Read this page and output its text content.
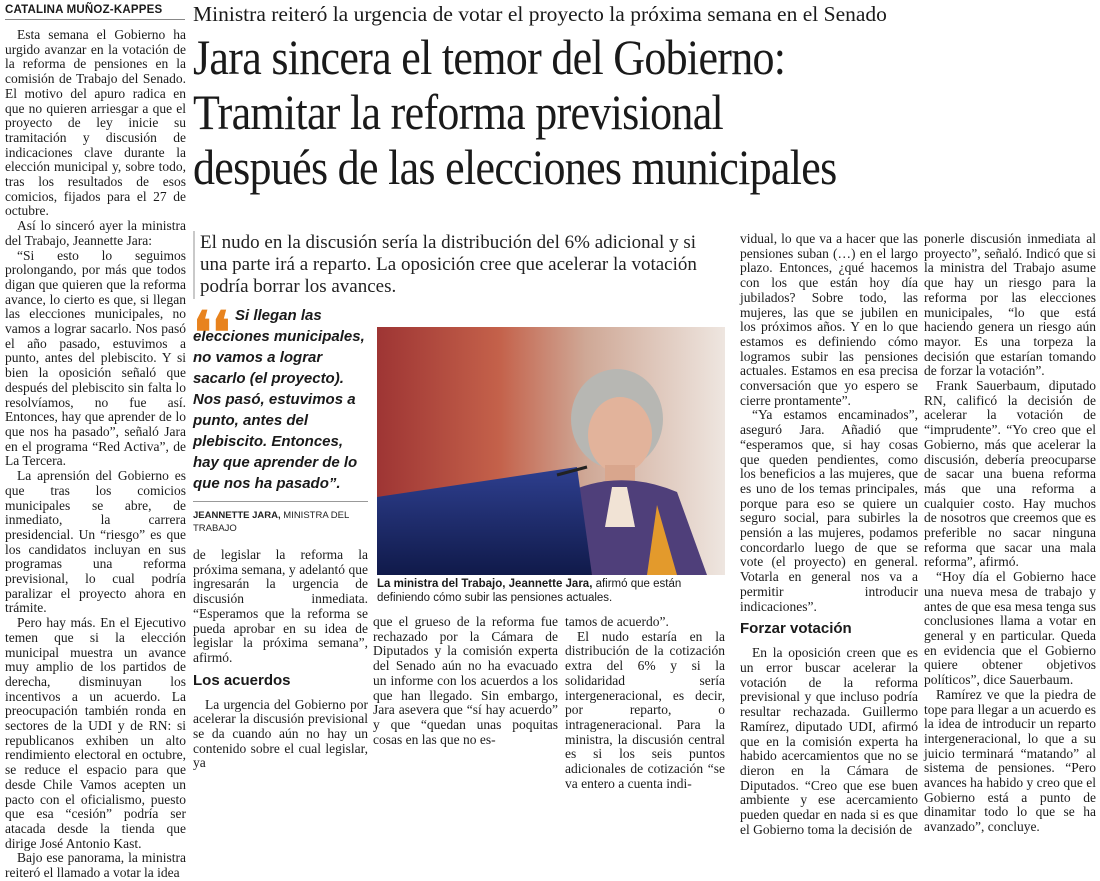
CATALINA MUÑOZ-KAPPES

Esta semana el Gobierno ha urgido avanzar en la votación de la reforma de pensiones en la comisión de Trabajo del Senado. El motivo del apuro radica en que no quieren arriesgar a que el proyecto de ley inicie su tramitación y discusión de indicaciones clave durante la elección municipal y, sobre todo, tras los resultados de esos comicios, fijados para el 27 de octubre.

Así lo sinceró ayer la ministra del Trabajo, Jeannette Jara:

“Si esto lo seguimos prolongando, por más que todos digan que quieren que la reforma avance, lo cierto es que, si llegan las elecciones municipales, no vamos a lograr sacarlo. Nos pasó el año pasado, estuvimos a punto, antes del plebiscito. Y si bien la oposición señaló que después del plebiscito sin falta lo resolvíamos, no fue así. Entonces, hay que aprender de lo que nos ha pasado”, señaló Jara en el programa “Red Activa”, de La Tercera.

La aprensión del Gobierno es que tras los comicios municipales se abre, de inmediato, la carrera presidencial. Un “riesgo” es que los candidatos incluyan en sus programas una reforma previsional, lo cual podría paralizar el proyecto ahora en trámite.

Pero hay más. En el Ejecutivo temen que si la elección municipal muestra un avance muy amplio de los partidos de derecha, disminuyan los incentivos a un acuerdo. La preocupación también ronda en sectores de la UDI y de RN: si republicanos exhiben un alto rendimiento electoral en octubre, se reduce el espacio para que desde Chile Vamos acepten un pacto con el oficialismo, puesto que esa “cesión” podría ser atacada desde la tienda que dirige José Antonio Kast.

Bajo ese panorama, la ministra reiteró el llamado a votar la idea

Ministra reiteró la urgencia de votar el proyecto la próxima semana en el Senado
Jara sincera el temor del Gobierno:
Tramitar la reforma previsional
después de las elecciones municipales
El nudo en la discusión sería la distribución del 6% adicional y si una parte irá a reparto. La oposición cree que acelerar la votación podría borrar los avances.
❛❛ Si llegan las elecciones municipales, no vamos a lograr sacarlo (el proyecto). Nos pasó, estuvimos a punto, antes del plebiscito. Entonces, hay que aprender de lo que nos ha pasado”.

JEANNETTE JARA, MINISTRA DEL TRABAJO

de legislar la reforma la próxima semana, y adelantó que ingresarán la urgencia de discusión inmediata. “Esperamos que la reforma se pueda aprobar en su idea de legislar la próxima semana”, afirmó.

Los acuerdos

La urgencia del Gobierno por acelerar la discusión previsional se da cuando aún no hay un contenido sobre el cual legislar, ya

La ministra del Trabajo, Jeannette Jara, afirmó que están definiendo cómo subir las pensiones actuales.

que el grueso de la reforma fue rechazado por la Cámara de Diputados y la comisión experta del Senado aún no ha evacuado un informe con los acuerdos a los que han llegado. Sin embargo, Jara asevera que “sí hay acuerdo” y que “quedan unas poquitas cosas en las que no es-

tamos de acuerdo”.

El nudo estaría en la distribución de la cotización extra del 6% y si la solidaridad sería intergeneracional, es decir, por reparto, o intrageneracional. Para la ministra, la discusión central es si los seis puntos adicionales de cotización “se va entero a cuenta indi-

vidual, lo que va a hacer que las pensiones suban (…) en el largo plazo. Entonces, ¿qué hacemos con los que están hoy día jubilados? Sobre todo, las mujeres, las que se jubilen en los próximos años. Y en lo que estamos es definiendo cómo logramos subir las pensiones actuales. Estamos en esa precisa conversación que yo espero se cierre prontamente”.

“Ya estamos encaminados”, aseguró Jara. Añadió que “esperamos que, si hay cosas que queden pendientes, como los beneficios a las mujeres, que es uno de los temas principales, porque para eso se quiere un seguro social, para subirles la pensión a las mujeres, podamos concordarlo luego de que se vote (el proyecto) en general. Votarla en general nos va a permitir introducir indicaciones”.

Forzar votación

En la oposición creen que es un error buscar acelerar la votación de la reforma previsional y que incluso podría resultar rechazada. Guillermo Ramírez, diputado UDI, afirmó que en la comisión experta ha habido acercamientos que no se dieron en la Cámara de Diputados. “Creo que ese buen ambiente y ese acercamiento pueden quedar en nada si es que el Gobierno toma la decisión de

ponerle discusión inmediata al proyecto”, señaló. Indicó que si la ministra del Trabajo asume que hay un riesgo para la reforma por las elecciones municipales, “lo que está haciendo genera un riesgo aún mayor. Es una torpeza la decisión que estarían tomando de forzar la votación”.

Frank Sauerbaum, diputado RN, calificó la decisión de acelerar la votación de “imprudente”. “Yo creo que el Gobierno, más que acelerar la discusión, debería preocuparse de sacar una buena reforma más que una reforma a cualquier costo. Hay muchos de nosotros que creemos que es preferible no sacar ninguna reforma que sacar una mala reforma”, afirmó.

“Hoy día el Gobierno hace una nueva mesa de trabajo y antes de que esa mesa tenga sus conclusiones llama a votar en general y en particular. Queda en evidencia que el Gobierno quiere obtener objetivos políticos”, dice Sauerbaum.

Ramírez ve que la piedra de tope para llegar a un acuerdo es la idea de introducir un reparto intergeneracional, lo que a su juicio terminará “matando” al sistema de pensiones. “Pero avances ha habido y creo que el Gobierno está a punto de dinamitar todo lo que se ha avanzado”, concluye.
